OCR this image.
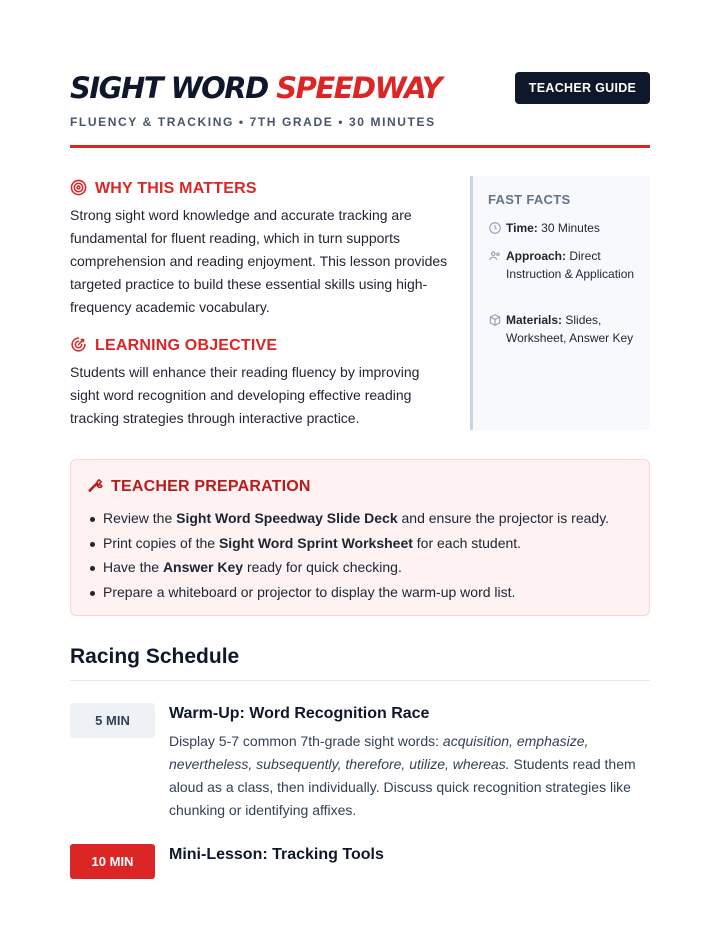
SIGHT WORD SPEEDWAY
FLUENCY & TRACKING • 7TH GRADE • 30 MINUTES
TEACHER GUIDE
WHY THIS MATTERS
Strong sight word knowledge and accurate tracking are fundamental for fluent reading, which in turn supports comprehension and reading enjoyment. This lesson provides targeted practice to build these essential skills using high-frequency academic vocabulary.
LEARNING OBJECTIVE
Students will enhance their reading fluency by improving sight word recognition and developing effective reading tracking strategies through interactive practice.
FAST FACTS
Time: 30 Minutes
Approach: Direct Instruction & Application
Materials: Slides, Worksheet, Answer Key
TEACHER PREPARATION
Review the Sight Word Speedway Slide Deck and ensure the projector is ready.
Print copies of the Sight Word Sprint Worksheet for each student.
Have the Answer Key ready for quick checking.
Prepare a whiteboard or projector to display the warm-up word list.
Racing Schedule
5 MIN	Warm-Up: Word Recognition Race
Display 5-7 common 7th-grade sight words: acquisition, emphasize, nevertheless, subsequently, therefore, utilize, whereas. Students read them aloud as a class, then individually. Discuss quick recognition strategies like chunking or identifying affixes.
10 MIN	Mini-Lesson: Tracking Tools
